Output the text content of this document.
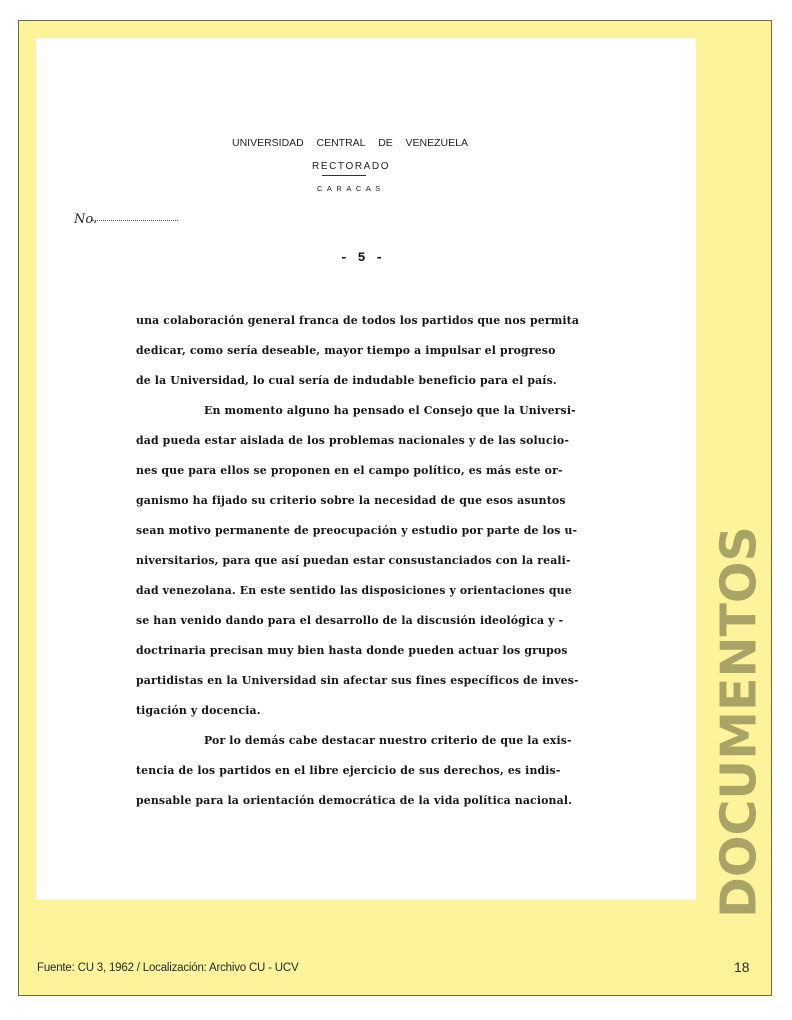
UNIVERSIDAD CENTRAL DE VENEZUELA
RECTORADO
CARACAS
No.
- 5 -
una colaboración general franca de todos los partidos que nos permita
dedicar, como sería deseable, mayor tiempo a impulsar el progreso
de la Universidad, lo cual sería de indudable beneficio para el país.
En momento alguno ha pensado el Consejo que la Universi-
dad pueda estar aislada de los problemas nacionales y de las solucio-
nes que para ellos se proponen en el campo político, es más este or-
ganismo ha fijado su criterio sobre la necesidad de que esos asuntos
sean motivo permanente de preocupación y estudio por parte de los u-
niversitarios, para que así puedan estar consustanciados con la reali-
dad venezolana. En este sentido las disposiciones y orientaciones que
se han venido dando para el desarrollo de la discusión ideológica y -
doctrinaria precisan muy bien hasta donde pueden actuar los grupos
partidistas en la Universidad sin afectar sus fines específicos de inves-
tigación y docencia.
Por lo demás cabe destacar nuestro criterio de que la exis-
tencia de los partidos en el libre ejercicio de sus derechos, es indis-
pensable para la orientación democrática de la vida política nacional.	DOCUMENTOS
Fuente: CU 3, 1962 / Localización: Archivo CU - UCV	18
